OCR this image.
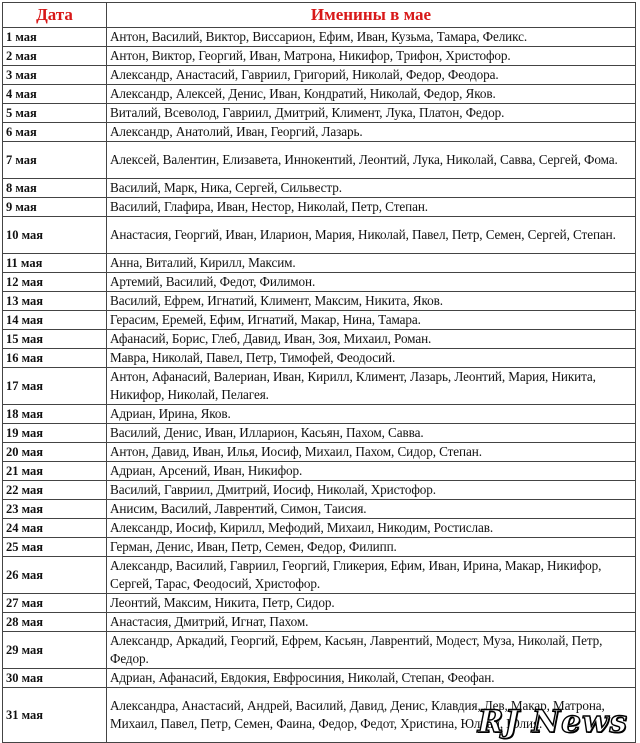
Дата	Именины в мае
1 мая	Антон, Василий, Виктор, Виссарион, Ефим, Иван, Кузьма, Тамара, Феликс.
2 мая	Антон, Виктор, Георгий, Иван, Матрона, Никифор, Трифон, Христофор.
3 мая	Александр, Анастасий, Гавриил, Григорий, Николай, Федор, Феодора.
4 мая	Александр, Алексей, Денис, Иван, Кондратий, Николай, Федор, Яков.
5 мая	Виталий, Всеволод, Гавриил, Дмитрий, Климент, Лука, Платон, Федор.
6 мая	Александр, Анатолий, Иван, Георгий, Лазарь.
7 мая	Алексей, Валентин, Елизавета, Иннокентий, Леонтий, Лука, Николай, Савва, Сергей, Фома.
8 мая	Василий, Марк, Ника, Сергей, Сильвестр.
9 мая	Василий, Глафира, Иван, Нестор, Николай, Петр, Степан.
10 мая	Анастасия, Георгий, Иван, Иларион, Мария, Николай, Павел, Петр, Семен, Сергей, Степан.
11 мая	Анна, Виталий, Кирилл, Максим.
12 мая	Артемий, Василий, Федот, Филимон.
13 мая	Василий, Ефрем, Игнатий, Климент, Максим, Никита, Яков.
14 мая	Герасим, Еремей, Ефим, Игнатий, Макар, Нина, Тамара.
15 мая	Афанасий, Борис, Глеб, Давид, Иван, Зоя, Михаил, Роман.
16 мая	Мавра, Николай, Павел, Петр, Тимофей, Феодосий.
17 мая	Антон, Афанасий, Валериан, Иван, Кирилл, Климент, Лазарь, Леонтий, Мария, Никита, Никифор, Николай, Пелагея.
18 мая	Адриан, Ирина, Яков.
19 мая	Василий, Денис, Иван, Илларион, Касьян, Пахом, Савва.
20 мая	Антон, Давид, Иван, Илья, Иосиф, Михаил, Пахом, Сидор, Степан.
21 мая	Адриан, Арсений, Иван, Никифор.
22 мая	Василий, Гавриил, Дмитрий, Иосиф, Николай, Христофор.
23 мая	Анисим, Василий, Лаврентий, Симон, Таисия.
24 мая	Александр, Иосиф, Кирилл, Мефодий, Михаил, Никодим, Ростислав.
25 мая	Герман, Денис, Иван, Петр, Семен, Федор, Филипп.
26 мая	Александр, Василий, Гавриил, Георгий, Гликерия, Ефим, Иван, Ирина, Макар, Никифор, Сергей, Тарас, Феодосий, Христофор.
27 мая	Леонтий, Максим, Никита, Петр, Сидор.
28 мая	Анастасия, Дмитрий, Игнат, Пахом.
29 мая	Александр, Аркадий, Георгий, Ефрем, Касьян, Лаврентий, Модест, Муза, Николай, Петр, Федор.
30 мая	Адриан, Афанасий, Евдокия, Евфросиния, Николай, Степан, Феофан.
31 мая	Александра, Анастасий, Андрей, Василий, Давид, Денис, Клавдия, Лев, Макар, Матрона, Михаил, Павел, Петр, Семен, Фаина, Федор, Федот, Христина, Юлиан, Юлия.
RJ News
